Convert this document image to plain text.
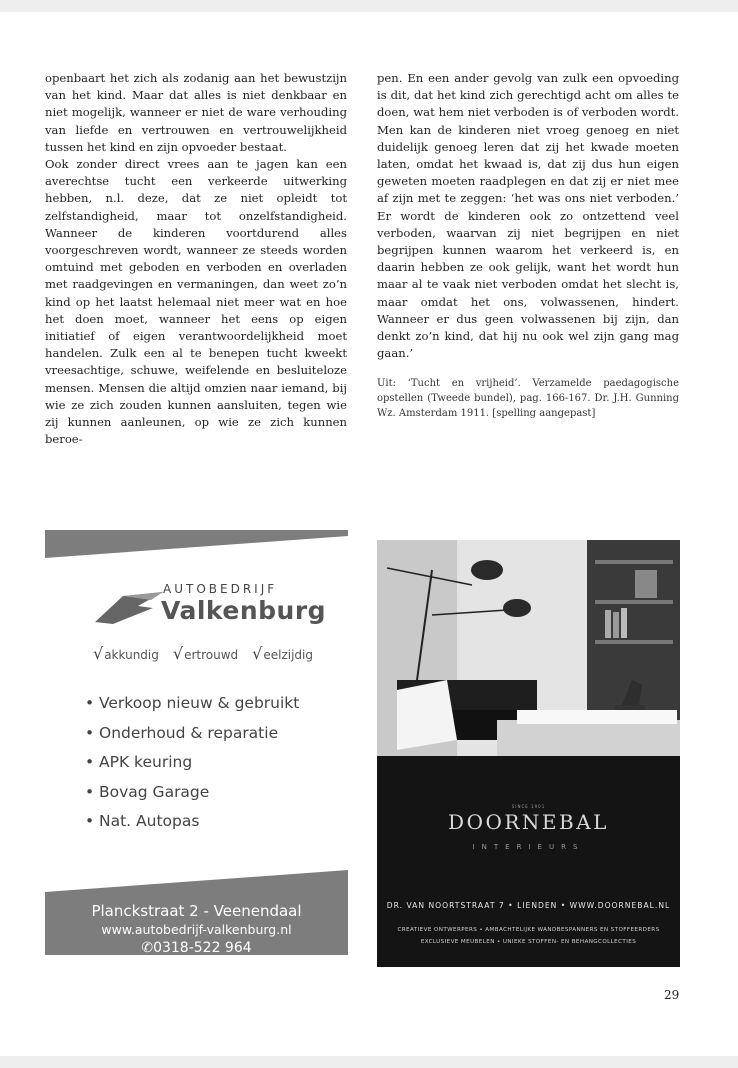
openbaart het zich als zodanig aan het bewustzijn van het kind. Maar dat alles is niet denkbaar en niet mogelijk, wanneer er niet de ware verhouding van liefde en vertrouwen en vertrouwelijkheid tussen het kind en zijn opvoeder bestaat.

Ook zonder direct vrees aan te jagen kan een averechtse tucht een verkeerde uitwerking hebben, n.l. deze, dat ze niet opleidt tot zelfstandigheid, maar tot onzelfstandigheid. Wanneer de kinderen voortdurend alles voorgeschreven wordt, wanneer ze steeds worden omtuind met geboden en verboden en overladen met raadgevingen en vermaningen, dan weet zo’n kind op het laatst helemaal niet meer wat en hoe het doen moet, wanneer het eens op eigen initiatief of eigen verantwoordelijkheid moet handelen. Zulk een al te benepen tucht kweekt vreesachtige, schuwe, weifelende en besluiteloze mensen. Mensen die altijd omzien naar iemand, bij wie ze zich zouden kunnen aansluiten, tegen wie zij kunnen aanleunen, op wie ze zich kunnen beroe-

pen. En een ander gevolg van zulk een opvoeding is dit, dat het kind zich gerechtigd acht om alles te doen, wat hem niet verboden is of verboden wordt. Men kan de kinderen niet vroeg genoeg en niet duidelijk genoeg leren dat zij het kwade moeten laten, omdat het kwaad is, dat zij dus hun eigen geweten moeten raadplegen en dat zij er niet mee af zijn met te zeggen: ‘het was ons niet verboden.’ Er wordt de kinderen ook zo ontzettend veel verboden, waarvan zij niet begrijpen en niet begrijpen kunnen waarom het verkeerd is, en daarin hebben ze ook gelijk, want het wordt hun maar al te vaak niet verboden omdat het slecht is, maar omdat het ons, volwassenen, hindert. Wanneer er dus geen volwassenen bij zijn, dan denkt zo’n kind, dat hij nu ook wel zijn gang mag gaan.’

Uit: ‘Tucht en vrijheid’. Verzamelde paedagogische opstellen (Tweede bundel), pag. 166-167. Dr. J.H. Gunning Wz. Amsterdam 1911. [spelling aangepast]

AUTOBEDRIJF
Valkenburg
√akkundig √ertrouwd √eelzijdig
• Verkoop nieuw & gebruikt
• Onderhoud & reparatie
• APK keuring
• Bovag Garage
• Nat. Autopas
Planckstraat 2 - Veenendaal
www.autobedrijf-valkenburg.nl
✆0318-522 964
SINCE 1901
DOORNEBAL
INTERIEURS
DR. VAN NOORTSTRAAT 7 • LIENDEN • WWW.DOORNEBAL.NL
CREATIEVE ONTWERPERS • AMBACHTELIJKE WANDBESPANNERS EN STOFFEERDERS
EXCLUSIEVE MEUBELEN • UNIEKE STOFFEN- EN BEHANGCOLLECTIES
29
